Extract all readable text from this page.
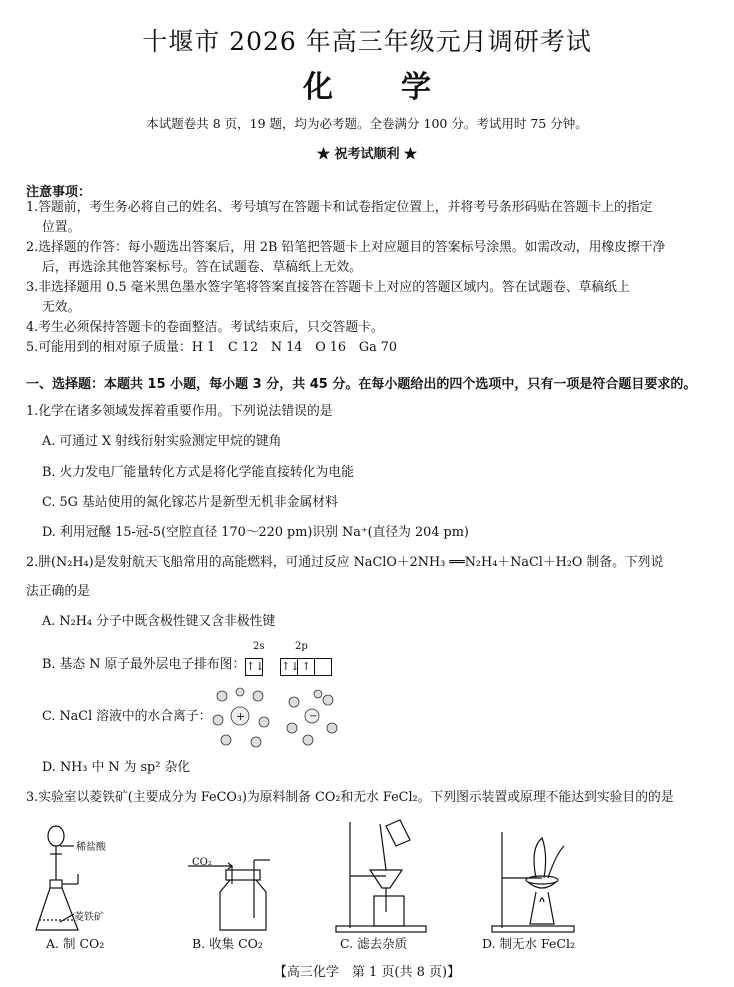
十堰市 2026 年高三年级元月调研考试
化 学
本试题卷共 8 页，19 题，均为必考题。全卷满分 100 分。考试用时 75 分钟。
★ 祝考试顺利 ★
注意事项：
1.答题前，考生务必将自己的姓名、考号填写在答题卡和试卷指定位置上，并将考号条形码贴在答题卡上的指定
位置。
2.选择题的作答：每小题选出答案后，用 2B 铅笔把答题卡上对应题目的答案标号涂黑。如需改动，用橡皮擦干净
后，再选涂其他答案标号。答在试题卷、草稿纸上无效。
3.非选择题用 0.5 毫米黑色墨水签字笔将答案直接答在答题卡上对应的答题区域内。答在试题卷、草稿纸上
无效。
4.考生必须保持答题卡的卷面整洁。考试结束后，只交答题卡。
5.可能用到的相对原子质量：H 1　C 12　N 14　O 16　Ga 70
一、选择题：本题共 15 小题，每小题 3 分，共 45 分。在每小题给出的四个选项中，只有一项是符合题目要求的。
1.化学在诸多领域发挥着重要作用。下列说法错误的是
A. 可通过 X 射线衍射实验测定甲烷的键角
B. 火力发电厂能量转化方式是将化学能直接转化为电能
C. 5G 基站使用的氮化镓芯片是新型无机非金属材料
D. 利用冠醚 15-冠-5(空腔直径 170～220 pm)识别 Na⁺(直径为 204 pm)
2.肼(N₂H₄)是发射航天飞船常用的高能燃料，可通过反应 NaClO＋2NH₃ ══N₂H₄＋NaCl＋H₂O 制备。下列说
法正确的是
A. N₂H₄ 分子中既含极性键又含非极性键
B. 基态 N 原子最外层电子排布图：
2s	2p
↑↓ ↑↓ ↑
C. NaCl 溶液中的水合离子： +	−
D. NH₃ 中 N 为 sp² 杂化
3.实验室以菱铁矿(主要成分为 FeCO₃)为原料制备 CO₂和无水 FeCl₂。下列图示装置或原理不能达到实验目的的是
稀盐酸
菱铁矿
CO₂
A. 制 CO₂	B. 收集 CO₂	C. 滤去杂质	D. 制无水 FeCl₂
【高三化学　第 1 页(共 8 页)】
